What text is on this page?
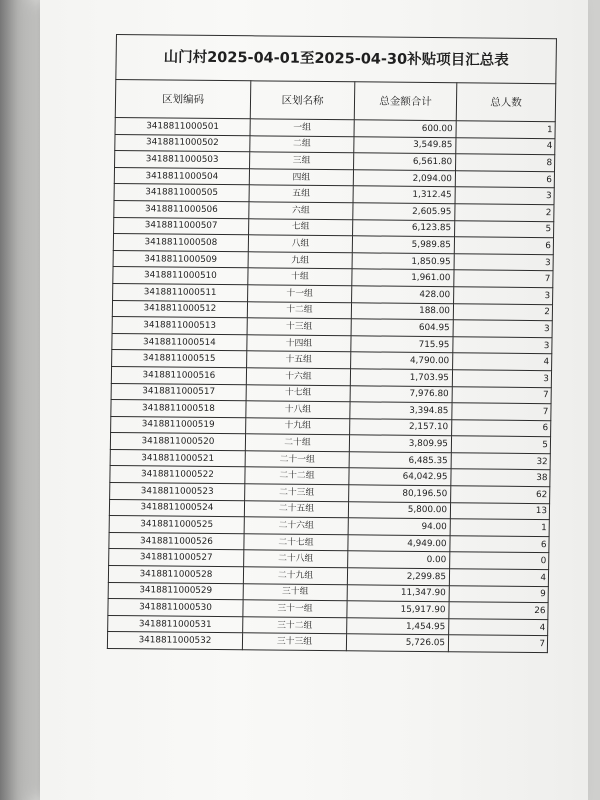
山门村2025-04-01至2025-04-30补贴项目汇总表			
区划编码	区划名称	总金额合计	总人数
3418811000501	一组	600.00	1
3418811000502	二组	3,549.85	4
3418811000503	三组	6,561.80	8
3418811000504	四组	2,094.00	6
3418811000505	五组	1,312.45	3
3418811000506	六组	2,605.95	2
3418811000507	七组	6,123.85	5
3418811000508	八组	5,989.85	6
3418811000509	九组	1,850.95	3
3418811000510	十组	1,961.00	7
3418811000511	十一组	428.00	3
3418811000512	十二组	188.00	2
3418811000513	十三组	604.95	3
3418811000514	十四组	715.95	3
3418811000515	十五组	4,790.00	4
3418811000516	十六组	1,703.95	3
3418811000517	十七组	7,976.80	7
3418811000518	十八组	3,394.85	7
3418811000519	十九组	2,157.10	6
3418811000520	二十组	3,809.95	5
3418811000521	二十一组	6,485.35	32
3418811000522	二十二组	64,042.95	38
3418811000523	二十三组	80,196.50	62
3418811000524	二十五组	5,800.00	13
3418811000525	二十六组	94.00	1
3418811000526	二十七组	4,949.00	6
3418811000527	二十八组	0.00	0
3418811000528	二十九组	2,299.85	4
3418811000529	三十组	11,347.90	9
3418811000530	三十一组	15,917.90	26
3418811000531	三十二组	1,454.95	4
3418811000532	三十三组	5,726.05	7
